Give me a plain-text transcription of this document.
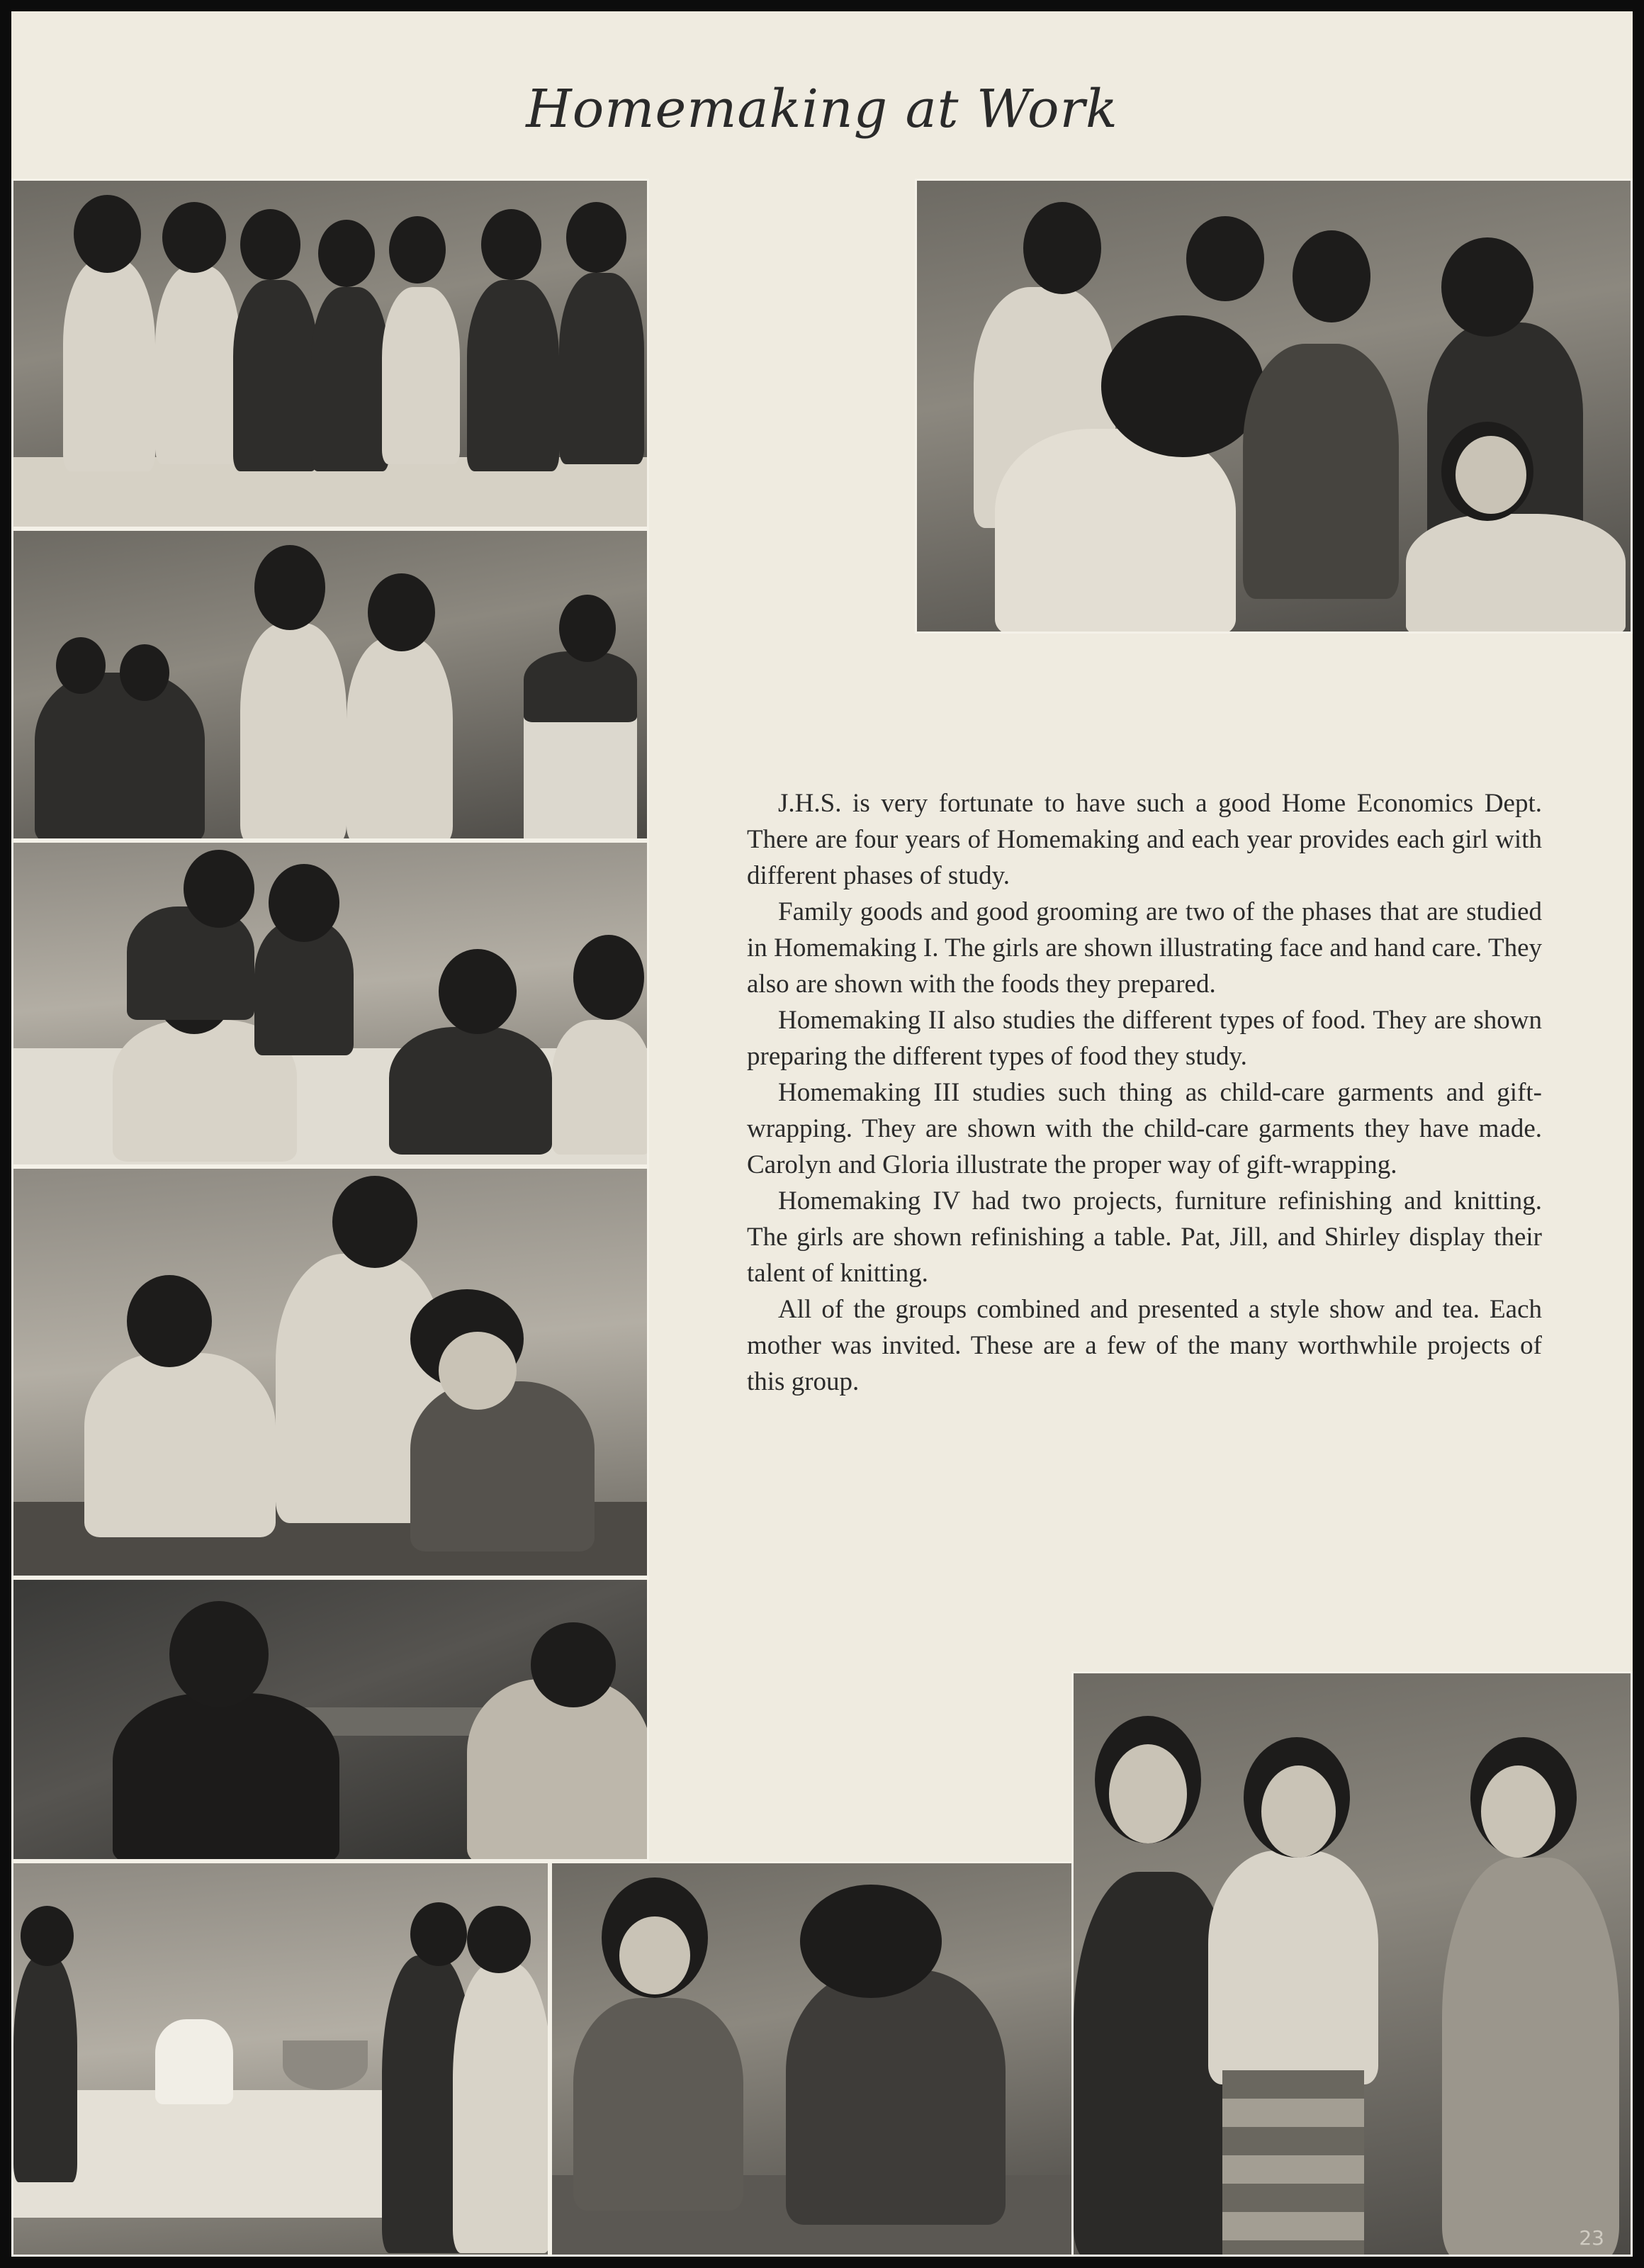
Homemaking at Work

J.H.S. is very fortunate to have such a good Home Economics Dept. There are four years of Homemaking and each year provides each girl with different phases of study.

Family goods and good grooming are two of the phases that are studied in Homemaking I. The girls are shown illustrating face and hand care. They also are shown with the foods they prepared.

Homemaking II also studies the different types of food. They are shown preparing the different types of food they study.

Homemaking III studies such thing as child-care garments and gift-wrapping. They are shown with the child-care garments they have made. Carolyn and Gloria illustrate the proper way of gift-wrapping.

Homemaking IV had two projects, furniture refinishing and knitting. The girls are shown refinishing a table. Pat, Jill, and Shirley display their talent of knitting.

All of the groups combined and presented a style show and tea. Each mother was invited. These are a few of the many worthwhile projects of this group.

23
